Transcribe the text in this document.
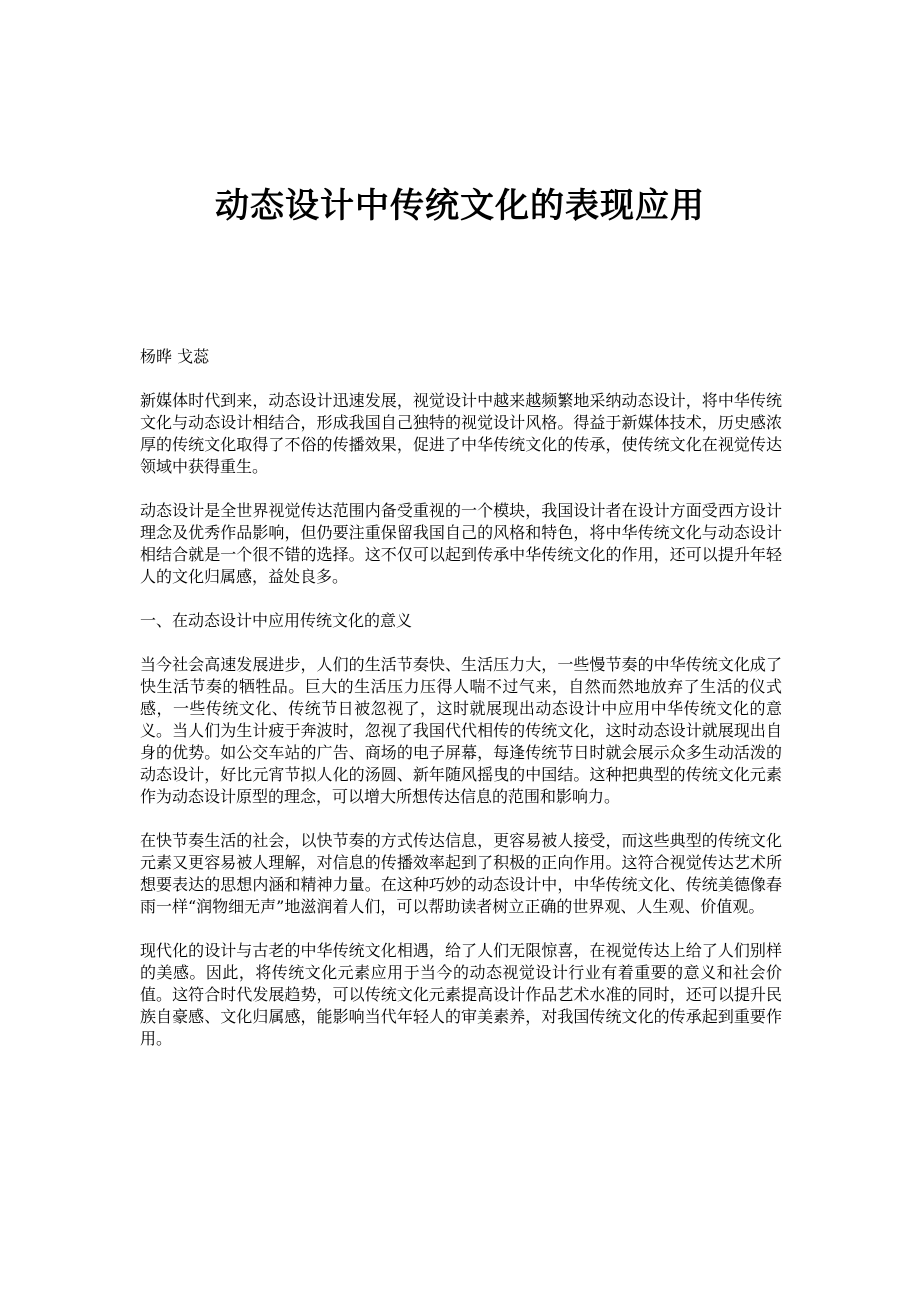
动态设计中传统文化的表现应用

杨晔 戈蕊

新媒体时代到来，动态设计迅速发展，视觉设计中越来越频繁地采纳动态设计，将中华传统文化与动态设计相结合，形成我国自己独特的视觉设计风格。得益于新媒体技术，历史感浓厚的传统文化取得了不俗的传播效果，促进了中华传统文化的传承，使传统文化在视觉传达领域中获得重生。

动态设计是全世界视觉传达范围内备受重视的一个模块，我国设计者在设计方面受西方设计理念及优秀作品影响，但仍要注重保留我国自己的风格和特色，将中华传统文化与动态设计相结合就是一个很不错的选择。这不仅可以起到传承中华传统文化的作用，还可以提升年轻人的文化归属感，益处良多。

一、在动态设计中应用传统文化的意义

当今社会高速发展进步，人们的生活节奏快、生活压力大，一些慢节奏的中华传统文化成了快生活节奏的牺牲品。巨大的生活压力压得人喘不过气来，自然而然地放弃了生活的仪式感，一些传统文化、传统节日被忽视了，这时就展现出动态设计中应用中华传统文化的意义。当人们为生计疲于奔波时，忽视了我国代代相传的传统文化，这时动态设计就展现出自身的优势。如公交车站的广告、商场的电子屏幕，每逢传统节日时就会展示众多生动活泼的动态设计，好比元宵节拟人化的汤圆、新年随风摇曳的中国结。这种把典型的传统文化元素作为动态设计原型的理念，可以增大所想传达信息的范围和影响力。

在快节奏生活的社会，以快节奏的方式传达信息，更容易被人接受，而这些典型的传统文化元素又更容易被人理解，对信息的传播效率起到了积极的正向作用。这符合视觉传达艺术所想要表达的思想内涵和精神力量。在这种巧妙的动态设计中，中华传统文化、传统美德像春雨一样“润物细无声”地滋润着人们，可以帮助读者树立正确的世界观、人生观、价值观。

现代化的设计与古老的中华传统文化相遇，给了人们无限惊喜，在视觉传达上给了人们别样的美感。因此，将传统文化元素应用于当今的动态视觉设计行业有着重要的意义和社会价值。这符合时代发展趋势，可以传统文化元素提高设计作品艺术水准的同时，还可以提升民族自豪感、文化归属感，能影响当代年轻人的审美素养，对我国传统文化的传承起到重要作用。
